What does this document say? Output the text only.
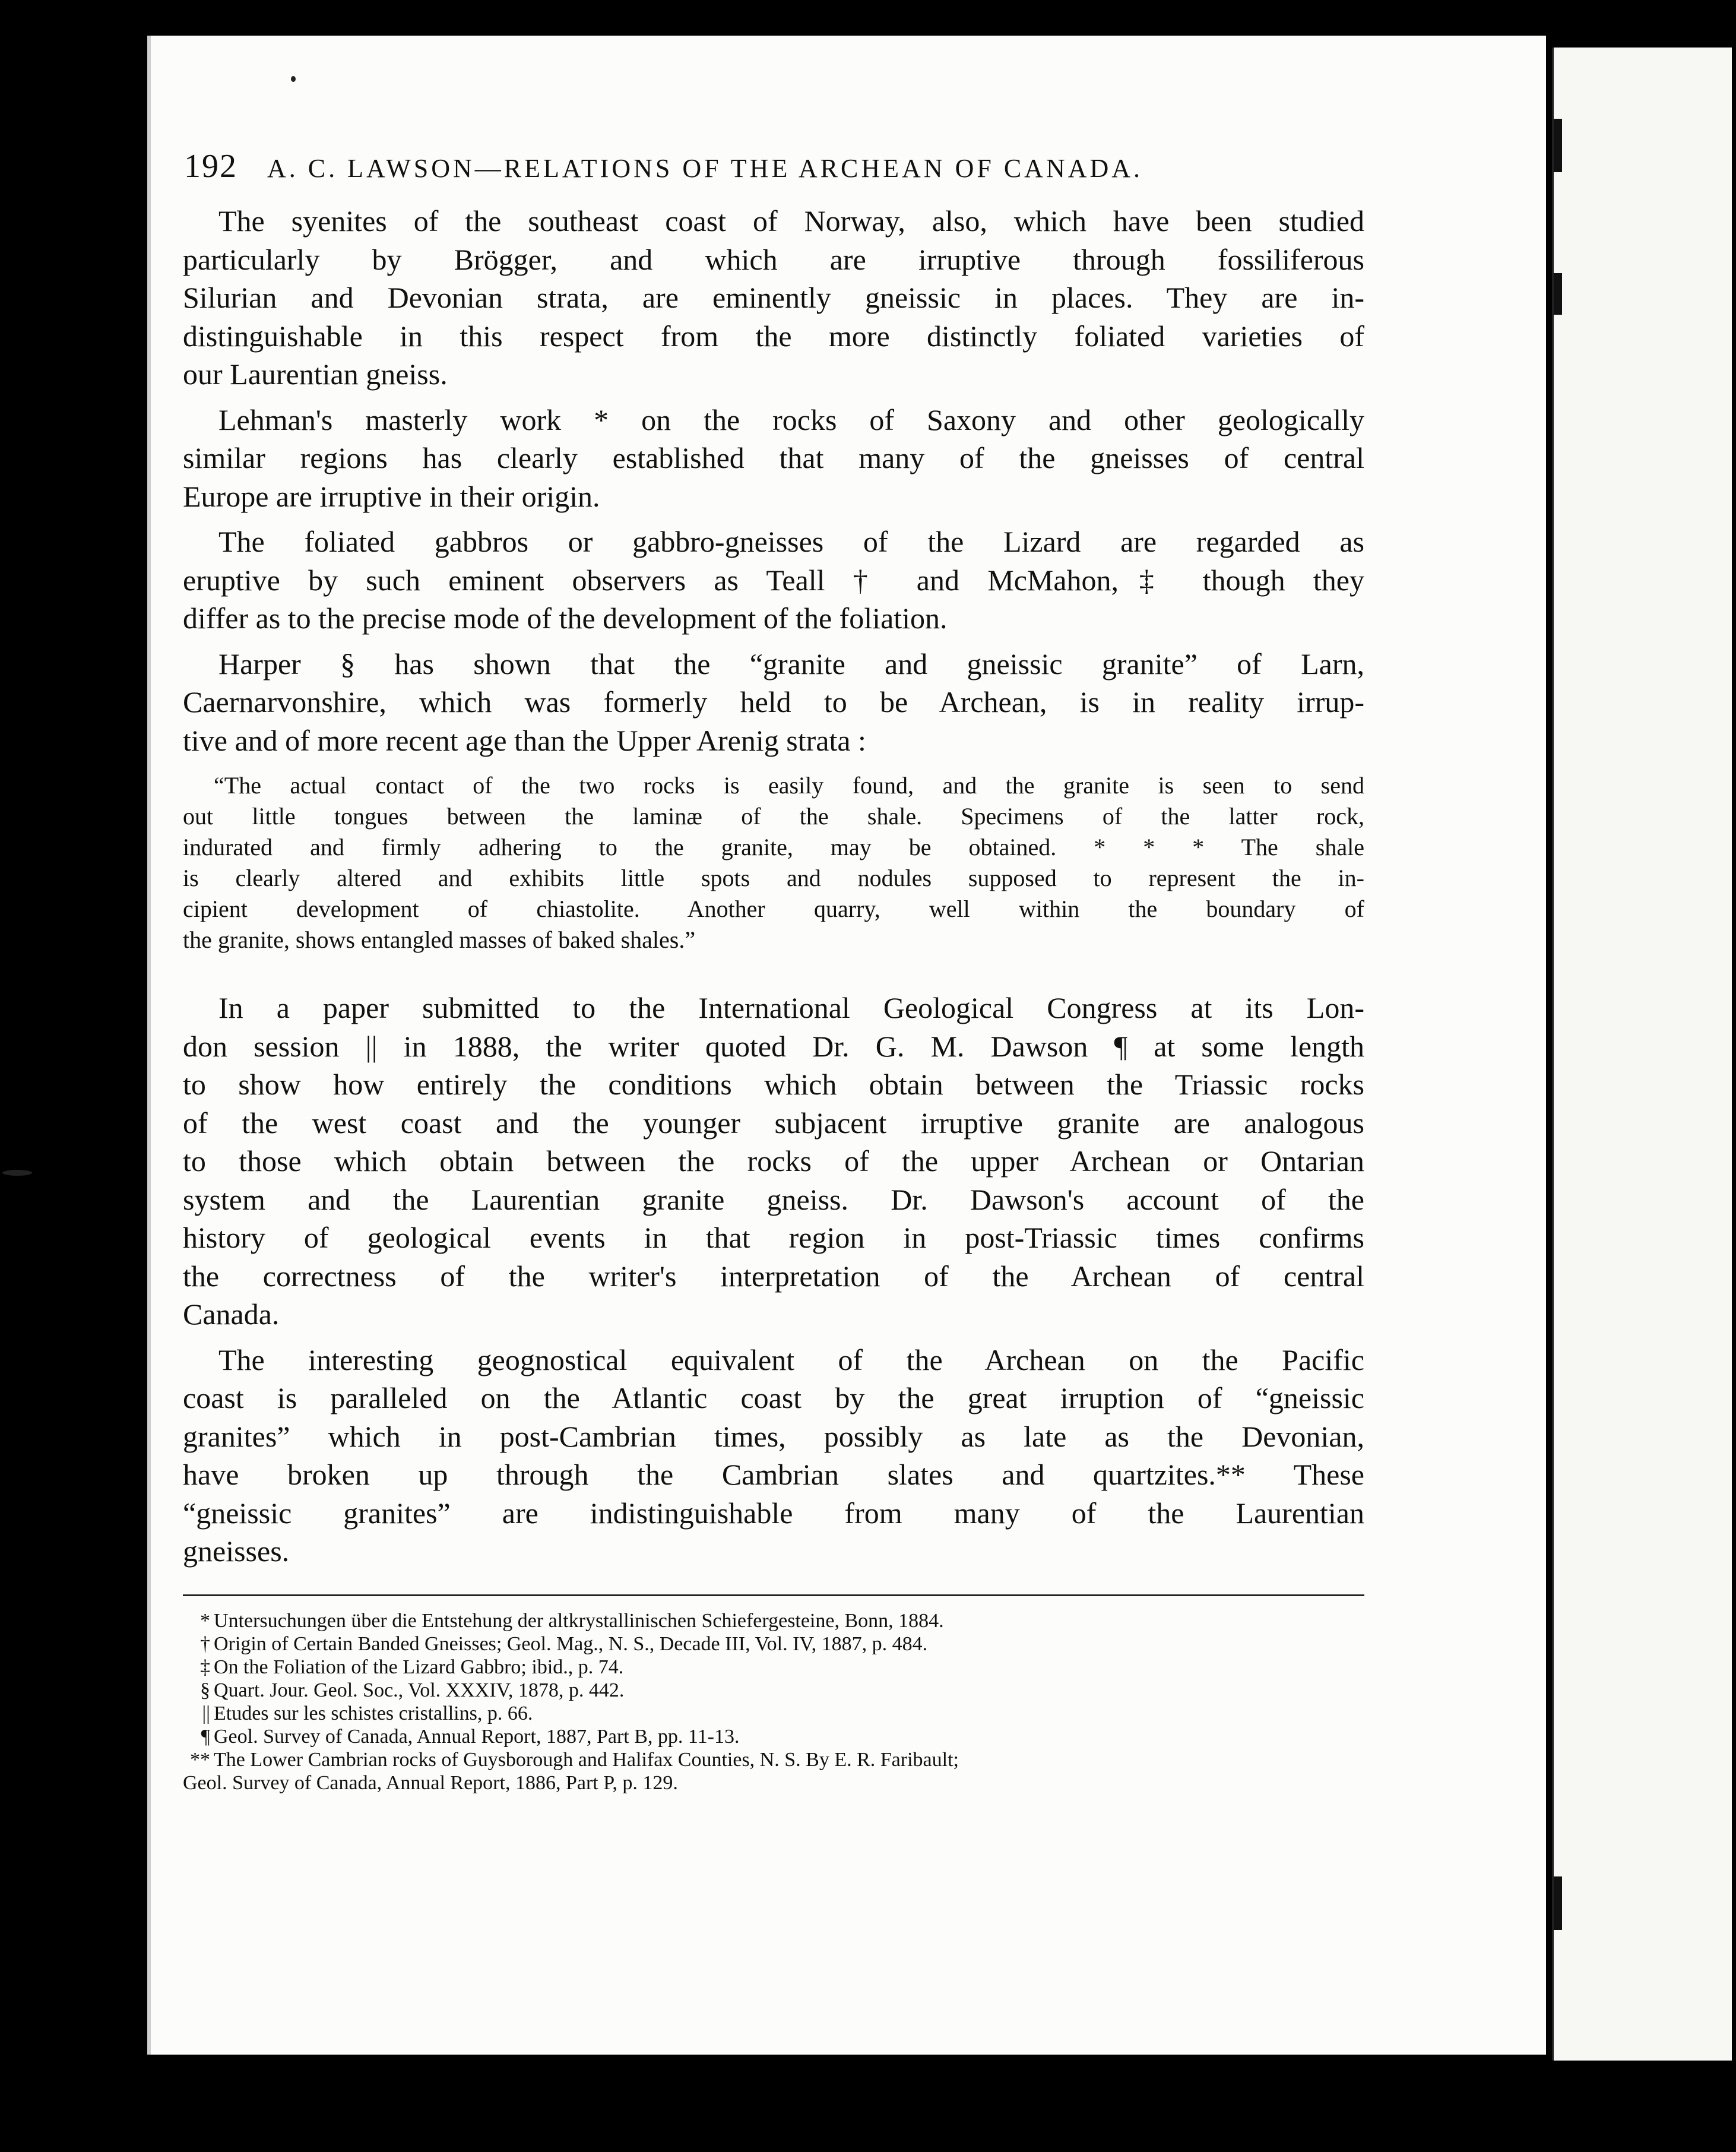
192 A. C. LAWSON—RELATIONS OF THE ARCHEAN OF CANADA.

The syenites of the southeast coast of Norway, also, which have been studied
particularly by Brögger, and which are irruptive through fossiliferous
Silurian and Devonian strata, are eminently gneissic in places. They are in-
distinguishable in this respect from the more distinctly foliated varieties of
our Laurentian gneiss.

Lehman's masterly work * on the rocks of Saxony and other geologically
similar regions has clearly established that many of the gneisses of central
Europe are irruptive in their origin.

The foliated gabbros or gabbro-gneisses of the Lizard are regarded as
eruptive by such eminent observers as Teall † and McMahon,‡ though they
differ as to the precise mode of the development of the foliation.

Harper § has shown that the “granite and gneissic granite” of Larn,
Caernarvonshire, which was formerly held to be Archean, is in reality irrup-
tive and of more recent age than the Upper Arenig strata :

“The actual contact of the two rocks is easily found, and the granite is seen to send
out little tongues between the laminæ of the shale. Specimens of the latter rock,
indurated and firmly adhering to the granite, may be obtained. * * * The shale
is clearly altered and exhibits little spots and nodules supposed to represent the in-
cipient development of chiastolite. Another quarry, well within the boundary of
the granite, shows entangled masses of baked shales.”

In a paper submitted to the International Geological Congress at its Lon-
don session || in 1888, the writer quoted Dr. G. M. Dawson ¶ at some length
to show how entirely the conditions which obtain between the Triassic rocks
of the west coast and the younger subjacent irruptive granite are analogous
to those which obtain between the rocks of the upper Archean or Ontarian
system and the Laurentian granite gneiss. Dr. Dawson's account of the
history of geological events in that region in post-Triassic times confirms
the correctness of the writer's interpretation of the Archean of central
Canada.

The interesting geognostical equivalent of the Archean on the Pacific
coast is paralleled on the Atlantic coast by the great irruption of “gneissic
granites” which in post-Cambrian times, possibly as late as the Devonian,
have broken up through the Cambrian slates and quartzites.** These
“gneissic granites” are indistinguishable from many of the Laurentian
gneisses.

* Untersuchungen über die Entstehung der altkrystallinischen Schiefergesteine, Bonn, 1884.
† Origin of Certain Banded Gneisses; Geol. Mag., N. S., Decade III, Vol. IV, 1887, p. 484.
‡ On the Foliation of the Lizard Gabbro; ibid., p. 74.
§ Quart. Jour. Geol. Soc., Vol. XXXIV, 1878, p. 442.
|| Etudes sur les schistes cristallins, p. 66.
¶ Geol. Survey of Canada, Annual Report, 1887, Part B, pp. 11-13.
** The Lower Cambrian rocks of Guysborough and Halifax Counties, N. S. By E. R. Faribault;
Geol. Survey of Canada, Annual Report, 1886, Part P, p. 129.
